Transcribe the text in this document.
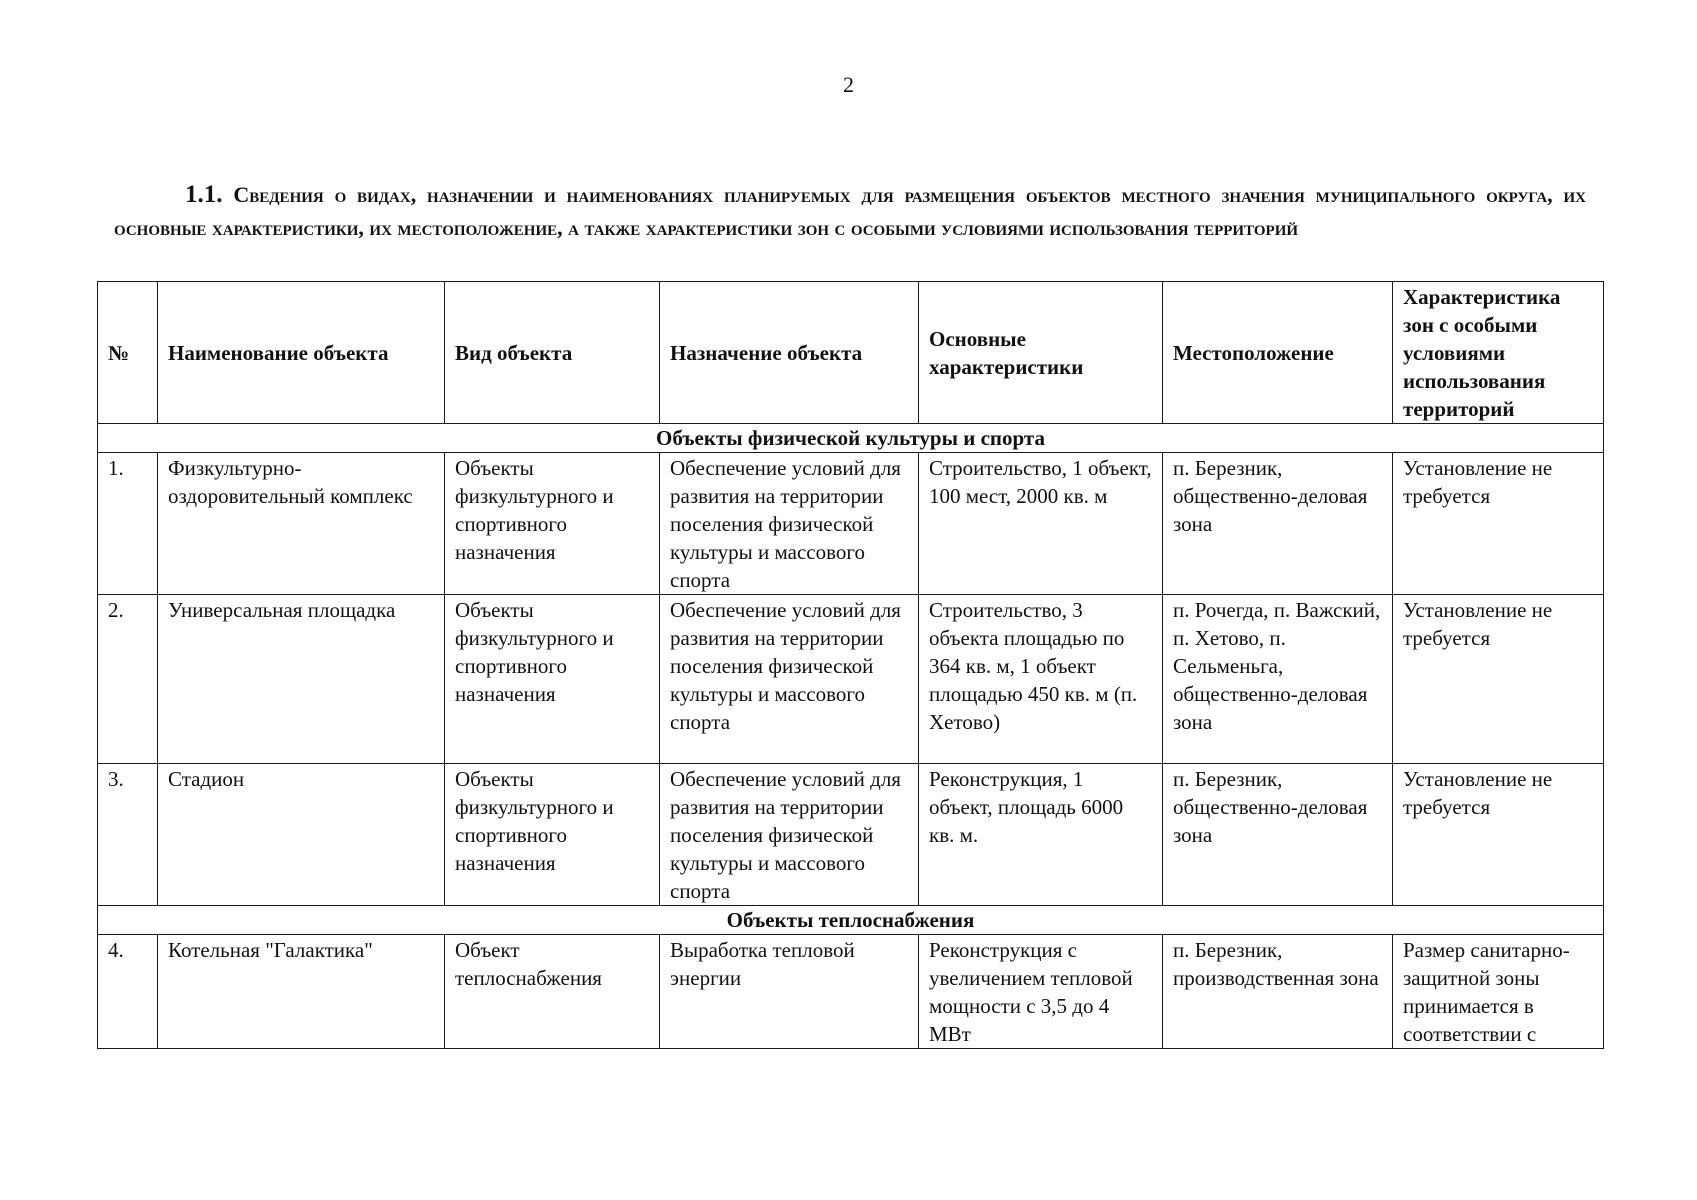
2
1.1. Сведения о видах, назначении и наименованиях планируемых для размещения объектов местного значения муниципального округа, их основные характеристики, их местоположение, а также характеристики зон с особыми условиями использования территорий
№	Наименование объекта	Вид объекта	Назначение объекта	Основные характеристики	Местоположение	Характеристика зон с особыми условиями использования территорий
Объекты физической культуры и спорта						
1.	Физкультурно-оздоровительный комплекс	Объекты физкультурного и спортивного назначения	Обеспечение условий для развития на территории поселения физической культуры и массового спорта	Строительство, 1 объект, 100 мест, 2000 кв. м	п. Березник, общественно-деловая зона	Установление не требуется
2.	Универсальная площадка	Объекты физкультурного и спортивного назначения	Обеспечение условий для развития на территории поселения физической культуры и массового спорта	Строительство, 3 объекта площадью по 364 кв. м, 1 объект площадью 450 кв. м (п. Хетово)	п. Рочегда, п. Важский, п. Хетово, п. Сельменьга, общественно-деловая зона	Установление не требуется
3.	Стадион	Объекты физкультурного и спортивного назначения	Обеспечение условий для развития на территории поселения физической культуры и массового спорта	Реконструкция, 1 объект, площадь 6000 кв. м.	п. Березник, общественно-деловая зона	Установление не требуется
Объекты теплоснабжения						
4.	Котельная "Галактика"	Объект теплоснабжения	Выработка тепловой энергии	Реконструкция с увеличением тепловой мощности с 3,5 до 4 МВт	п. Березник, производственная зона	Размер санитарно-защитной зоны принимается в соответствии с
